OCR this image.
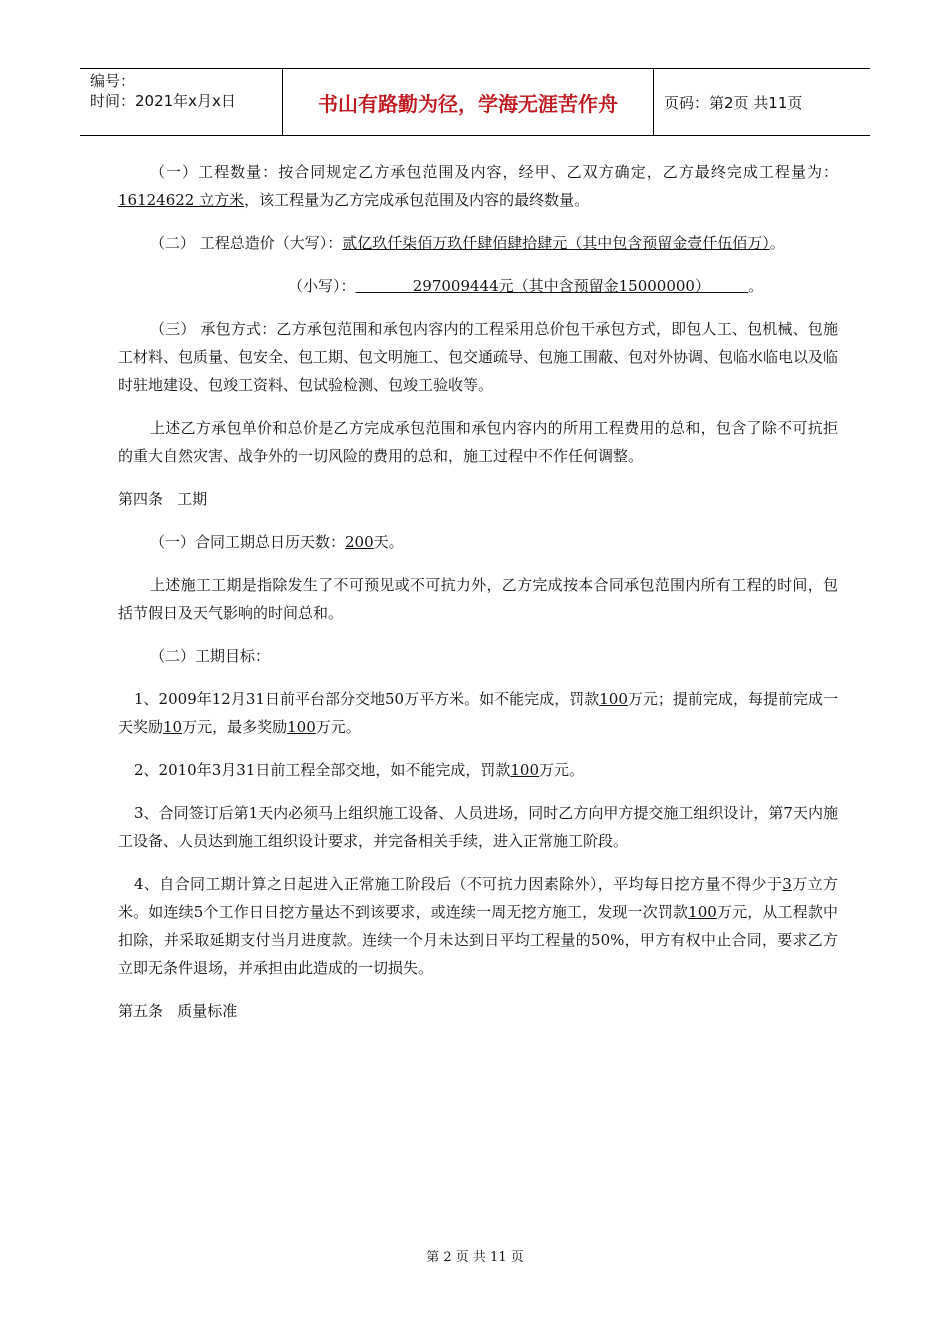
编号：
时间：2021年x月x日	书山有路勤为径，学海无涯苦作舟	页码：第2页 共11页

（一）工程数量：按合同规定乙方承包范围及内容，经甲、乙双方确定，乙方最终完成工程量为： 16124622 立方米，该工程量为乙方完成承包范围及内容的最终数量。

（二） 工程总造价（大写）：贰亿玖仟柒佰万玖仟肆佰肆拾肆元（其中包含预留金壹仟伍佰万）。

（小写）：            297009444元（其中含预留金15000000）        。

（三） 承包方式：乙方承包范围和承包内容内的工程采用总价包干承包方式，即包人工、包机械、包施工材料、包质量、包安全、包工期、包文明施工、包交通疏导、包施工围蔽、包对外协调、包临水临电以及临时驻地建设、包竣工资料、包试验检测、包竣工验收等。

上述乙方承包单价和总价是乙方完成承包范围和承包内容内的所用工程费用的总和，包含了除不可抗拒的重大自然灾害、战争外的一切风险的费用的总和，施工过程中不作任何调整。

第四条   工期

（一）合同工期总日历天数：200天。

上述施工工期是指除发生了不可预见或不可抗力外，乙方完成按本合同承包范围内所有工程的时间，包括节假日及天气影响的时间总和。

（二）工期目标：

1、2009年12月31日前平台部分交地50万平方米。如不能完成，罚款100万元；提前完成，每提前完成一天奖励10万元，最多奖励100万元。

2、2010年3月31日前工程全部交地，如不能完成，罚款100万元。

3、合同签订后第1天内必须马上组织施工设备、人员进场，同时乙方向甲方提交施工组织设计，第7天内施工设备、人员达到施工组织设计要求，并完备相关手续，进入正常施工阶段。

4、自合同工期计算之日起进入正常施工阶段后（不可抗力因素除外），平均每日挖方量不得少于3万立方米。如连续5个工作日日挖方量达不到该要求，或连续一周无挖方施工，发现一次罚款100万元，从工程款中扣除，并采取延期支付当月进度款。连续一个月未达到日平均工程量的50%，甲方有权中止合同，要求乙方立即无条件退场，并承担由此造成的一切损失。

第五条   质量标准

第 2 页 共 11 页
